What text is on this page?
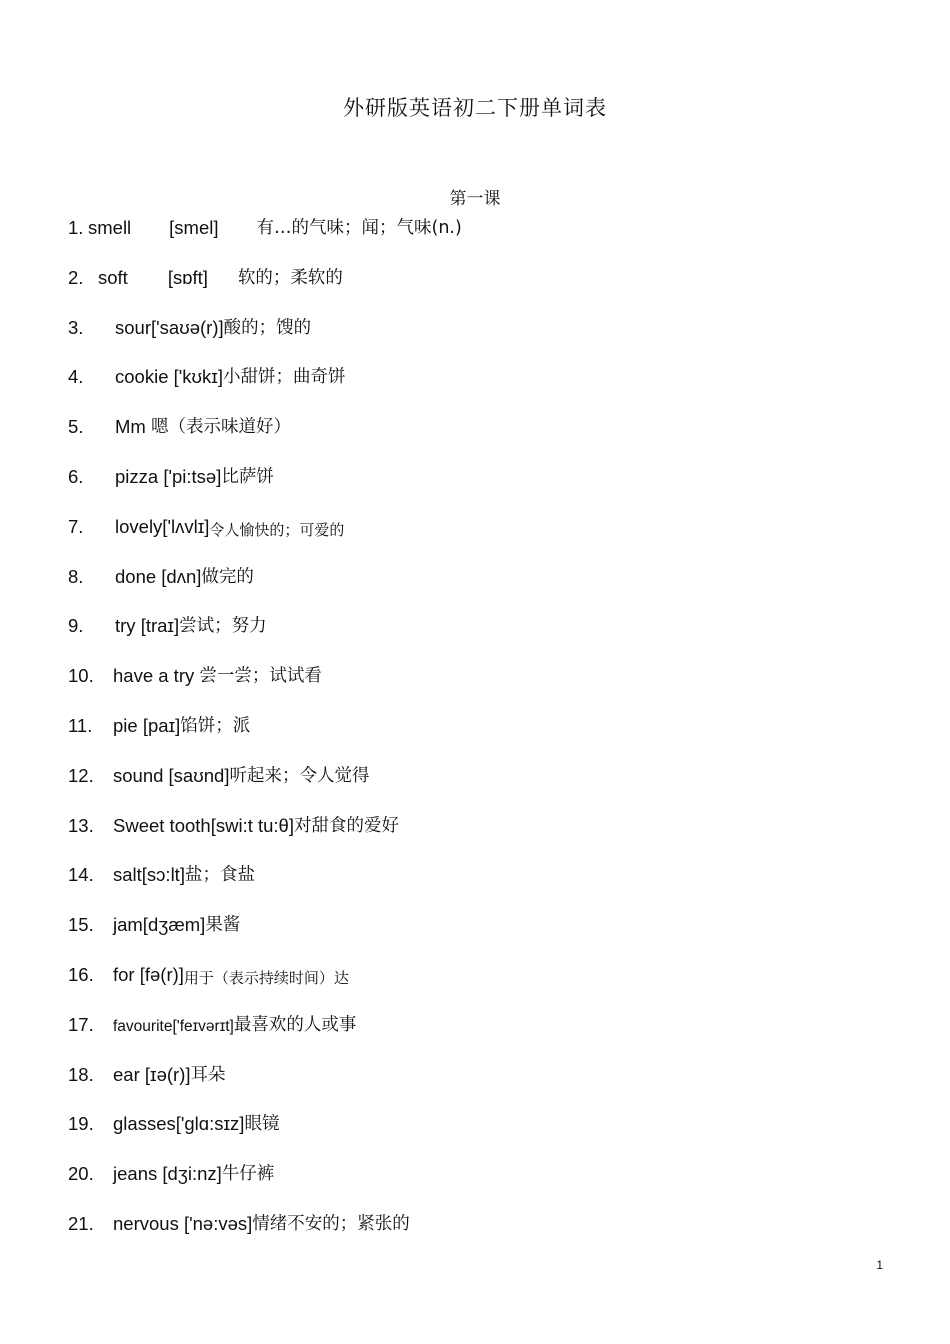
外研版英语初二下册单词表
第一课
1. smell [smel] 有…的气味；闻；气味(n.)
2. soft [sɒft] 软的；柔软的
3.	sour['saʊə(r)] 酸的；馊的
4.	cookie ['kʊkɪ] 小甜饼；曲奇饼
5.	Mm 嗯（表示味道好）
6.	pizza ['pi:tsə] 比萨饼
7.	lovely['lʌvlɪ] 令人愉快的；可爱的
8.	done [dʌn] 做完的
9.	try [traɪ] 尝试；努力
10.	have a try 尝一尝；试试看
11.	pie [paɪ] 馅饼；派
12.	sound [saʊnd] 听起来；令人觉得
13.	Sweet tooth[swi:t tu:θ] 对甜食的爱好
14.	salt[sɔ:lt] 盐；食盐
15.	jam[dʒæm] 果酱
16.	for [fə(r)] 用于（表示持续时间）达
17.	favourite['feɪvərɪt] 最喜欢的人或事
18.	ear [ɪə(r)] 耳朵
19.	glasses['glɑ:sɪz] 眼镜
20.	jeans [dʒi:nz] 牛仔裤
21.	nervous ['nə:vəs] 情绪不安的；紧张的
1
